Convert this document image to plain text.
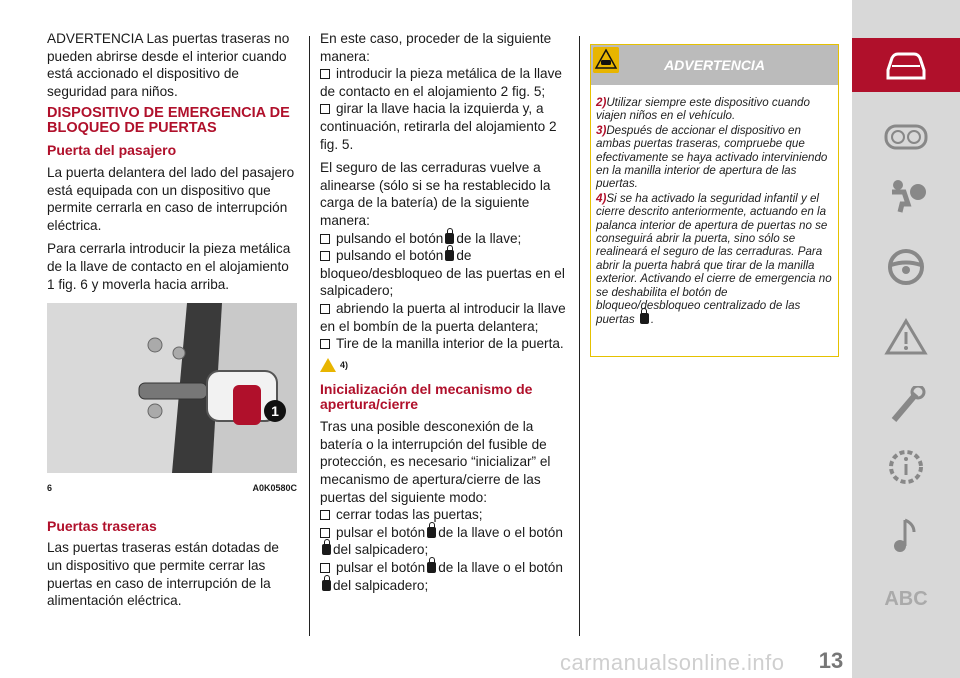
ADVERTENCIA Las puertas traseras no pueden abrirse desde el interior cuando está accionado el dispositivo de seguridad para niños.

DISPOSITIVO DE EMERGENCIA DE BLOQUEO DE PUERTAS
Puerta del pasajero

La puerta delantera del lado del pasajero está equipada con un dispositivo que permite cerrarla en caso de interrupción eléctrica.

Para cerrarla introducir la pieza metálica de la llave de contacto en el alojamiento 1 fig. 6 y moverla hacia arriba.

1
6	A0K0580C
Puertas traseras

Las puertas traseras están dotadas de un dispositivo que permite cerrar las puertas en caso de interrupción de la alimentación eléctrica.

En este caso, proceder de la siguiente manera:

introducir la pieza metálica de la llave de contacto en el alojamiento 2 fig. 5;

girar la llave hacia la izquierda y, a continuación, retirarla del alojamiento 2 fig. 5.

El seguro de las cerraduras vuelve a alinearse (sólo si se ha restablecido la carga de la batería) de la siguiente manera:

pulsando el botón de la llave;

pulsando el botón de bloqueo/desbloqueo de las puertas en el salpicadero;

abriendo la puerta al introducir la llave en el bombín de la puerta delantera;

Tire de la manilla interior de la puerta.

4)
Inicialización del mecanismo de apertura/cierre

Tras una posible desconexión de la batería o la interrupción del fusible de protección, es necesario “inicializar” el mecanismo de apertura/cierre de las puertas del siguiente modo:

cerrar todas las puertas;

pulsar el botón de la llave o el botón
del salpicadero;

pulsar el botón de la llave o el botón
del salpicadero;

ADVERTENCIA

2)Utilizar siempre este dispositivo cuando viajen niños en el vehículo.

3)Después de accionar el dispositivo en ambas puertas traseras, compruebe que efectivamente se haya activado interviniendo en la manilla interior de apertura de las puertas.

4)Si se ha activado la seguridad infantil y el cierre descrito anteriormente, actuando en la palanca interior de apertura de puertas no se conseguirá abrir la puerta, sino sólo se realineará el seguro de las cerraduras. Para abrir la puerta habrá que tirar de la manilla exterior. Activando el cierre de emergencia no se deshabilita el botón de bloqueo/desbloqueo centralizado de las puertas .

ABC
carmanualsonline.info 13
